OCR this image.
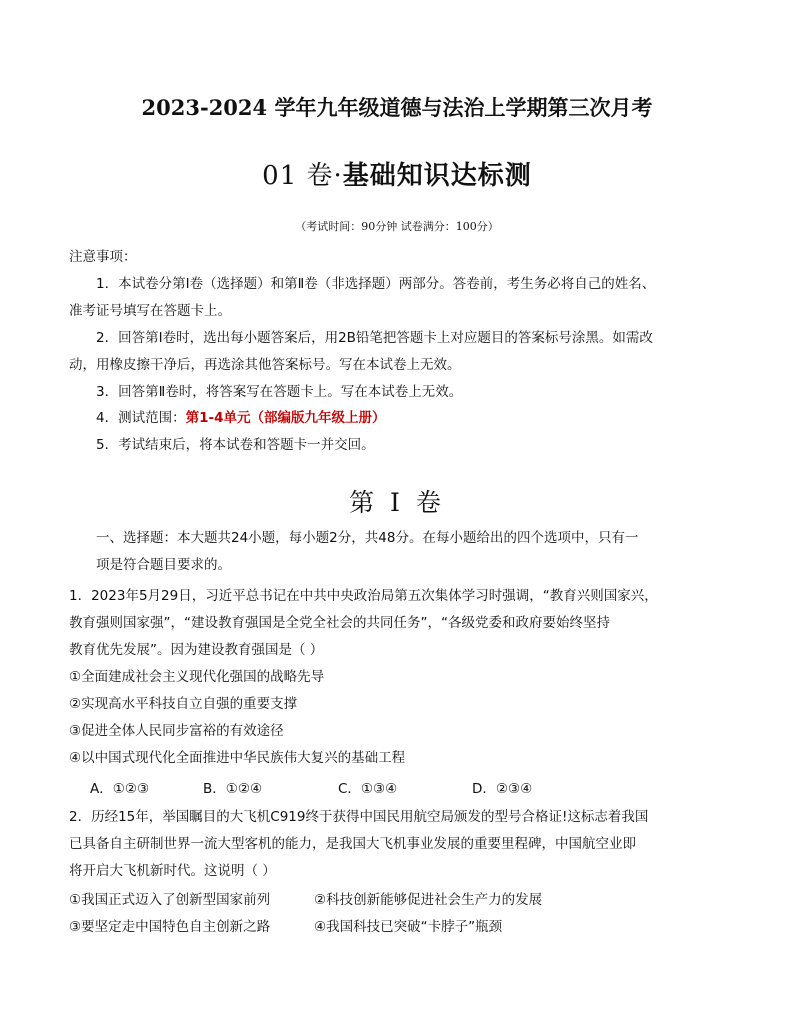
2023-2024 学年九年级道德与法治上学期第三次月考
01 卷·基础知识达标测
（考试时间：90分钟 试卷满分：100分）
注意事项：
1．本试卷分第Ⅰ卷（选择题）和第Ⅱ卷（非选择题）两部分。答卷前，考生务必将自己的姓名、
准考证号填写在答题卡上。
2．回答第Ⅰ卷时，选出每小题答案后，用2B铅笔把答题卡上对应题目的答案标号涂黑。如需改
动，用橡皮擦干净后，再选涂其他答案标号。写在本试卷上无效。
3．回答第Ⅱ卷时，将答案写在答题卡上。写在本试卷上无效。
4．测试范围：第1-4单元（部编版九年级上册）
5．考试结束后，将本试卷和答题卡一并交回。
第 I 卷
一、选择题：本大题共24小题，每小题2分，共48分。在每小题给出的四个选项中，只有一
项是符合题目要求的。
1．2023年5月29日，习近平总书记在中共中央政治局第五次集体学习时强调，“教育兴则国家兴，
教育强则国家强”，“建设教育强国是全党全社会的共同任务”，“各级党委和政府要始终坚持
教育优先发展”。因为建设教育强国是（ ）
①全面建成社会主义现代化强国的战略先导
②实现高水平科技自立自强的重要支撑
③促进全体人民同步富裕的有效途径
④以中国式现代化全面推进中华民族伟大复兴的基础工程
A．①②③	B．①②④	C．①③④	D．②③④
2．历经15年，举国瞩目的大飞机C919终于获得中国民用航空局颁发的型号合格证!这标志着我国
已具备自主研制世界一流大型客机的能力，是我国大飞机事业发展的重要里程碑，中国航空业即
将开启大飞机新时代。这说明（ ）
①我国正式迈入了创新型国家前列	②科技创新能够促进社会生产力的发展
③要坚定走中国特色自主创新之路	④我国科技已突破“卡脖子”瓶颈
